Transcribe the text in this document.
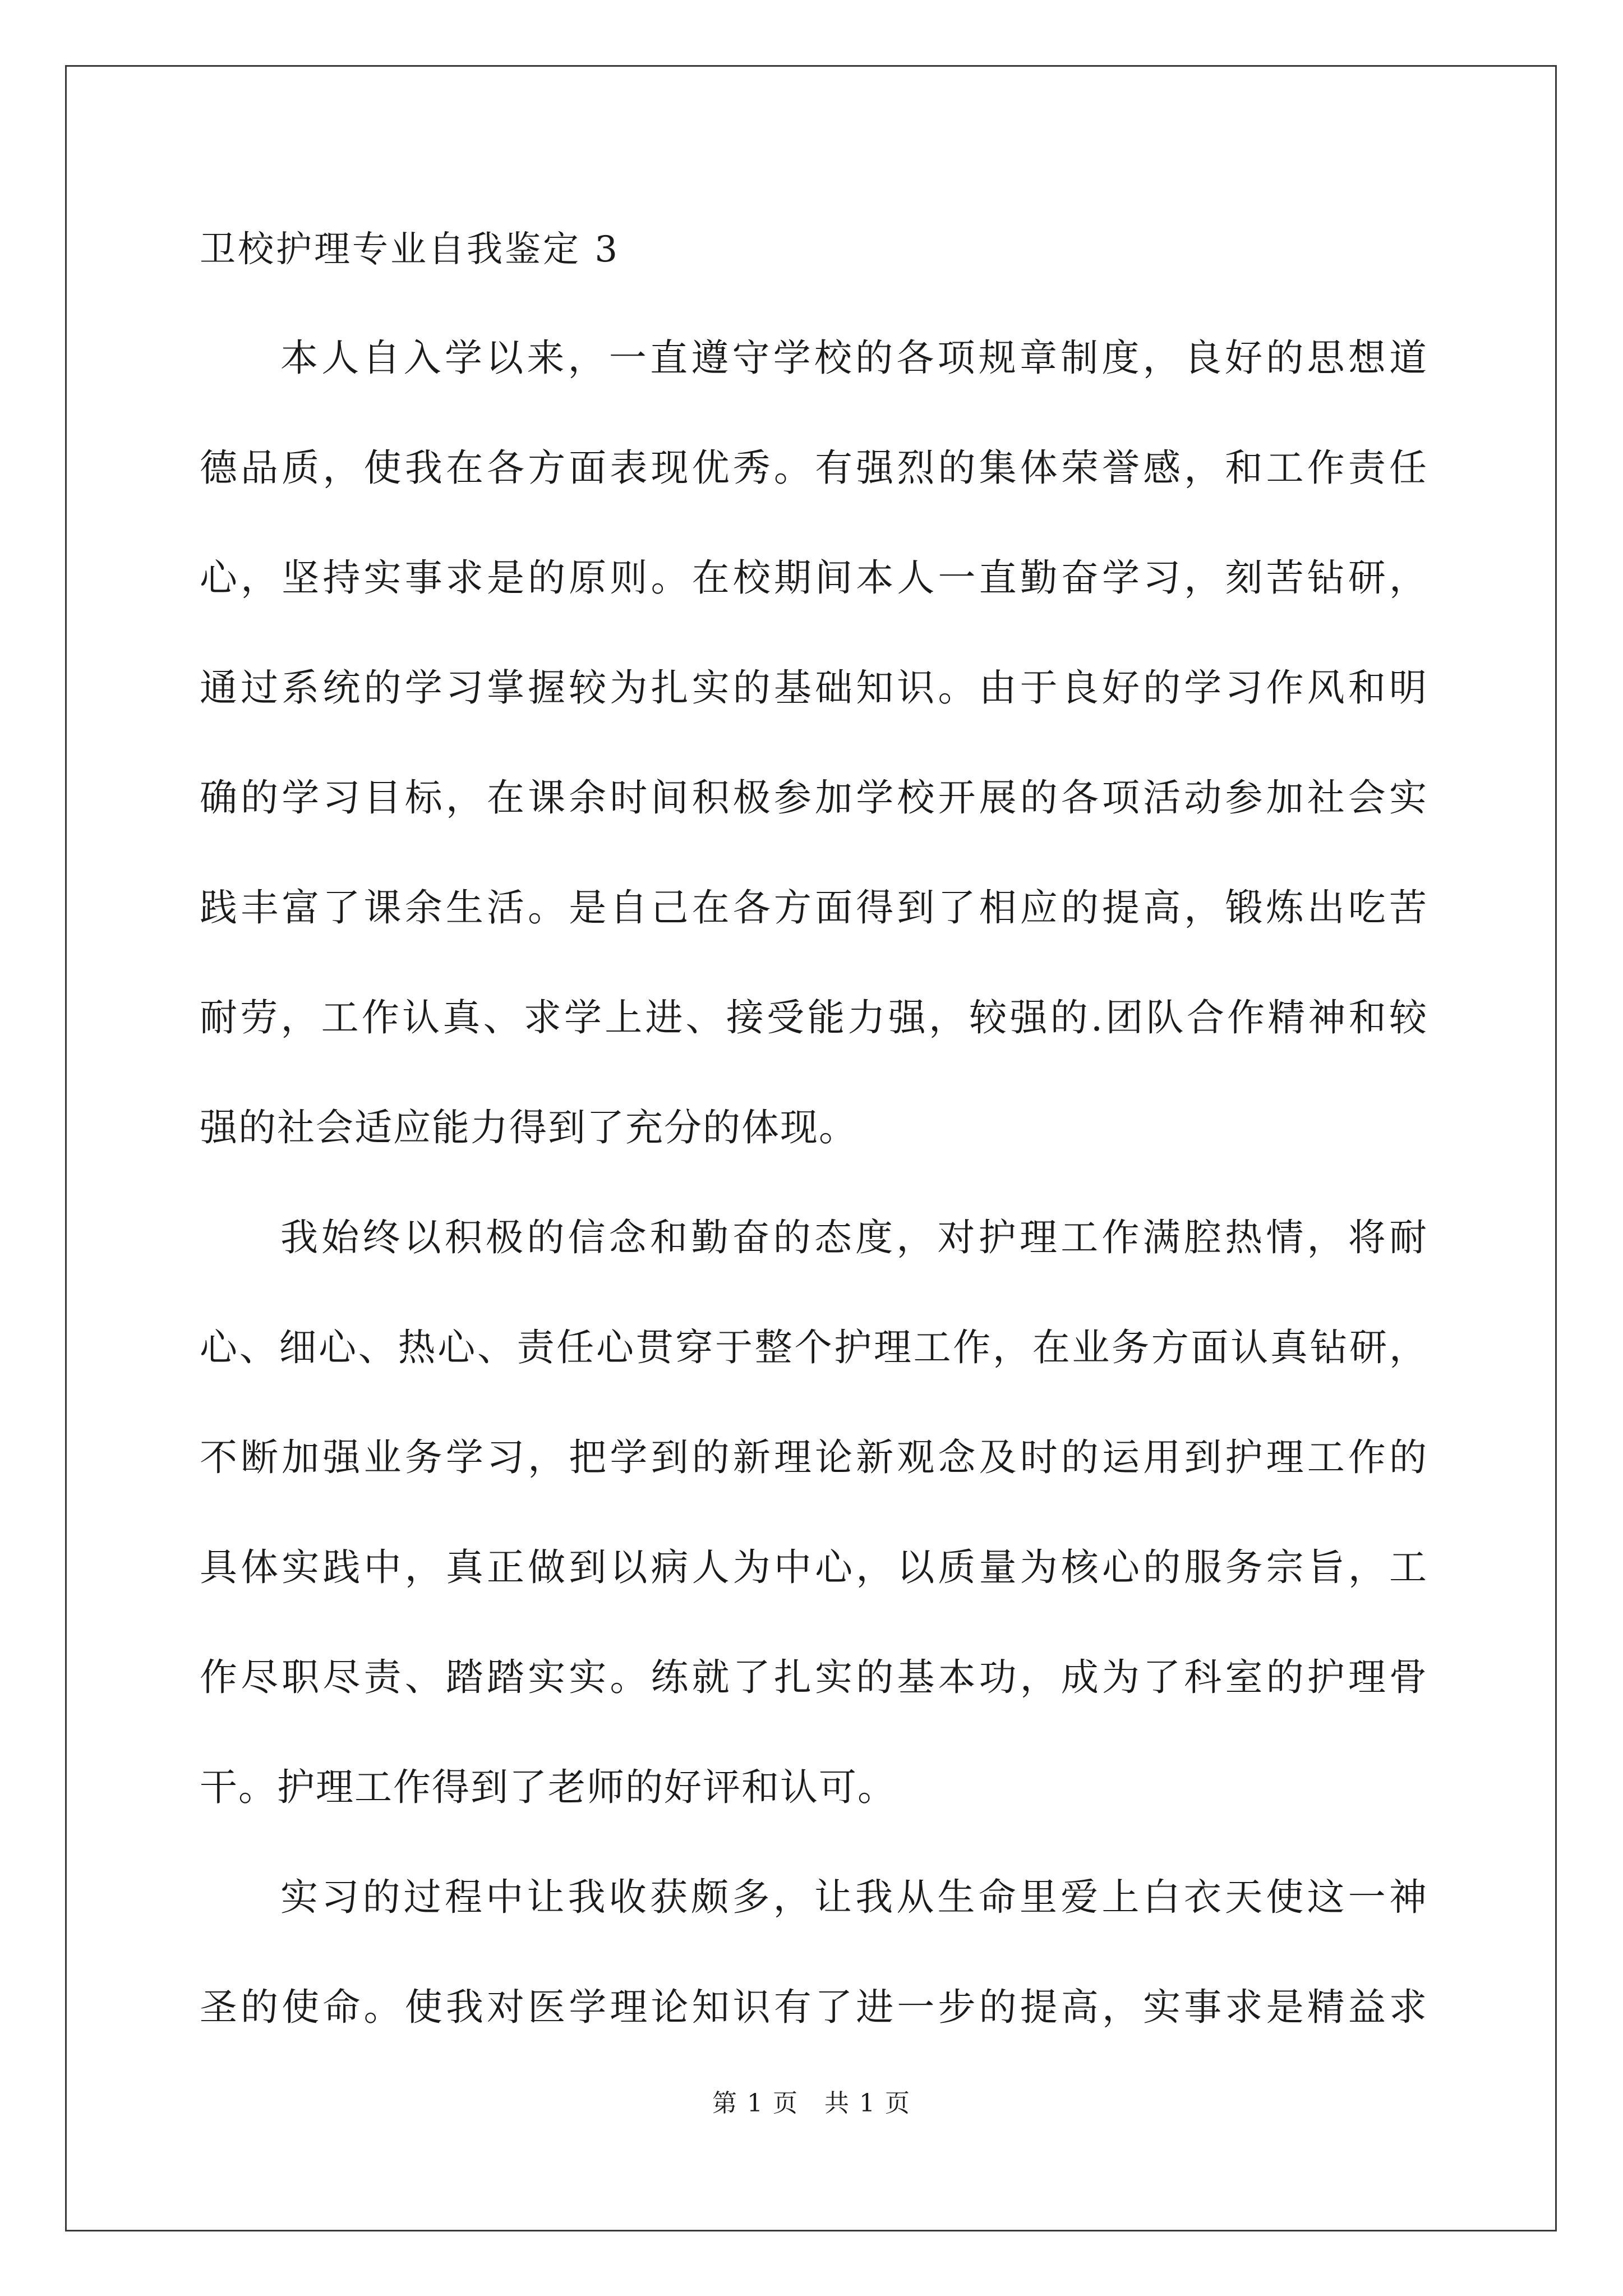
卫校护理专业自我鉴定 3
本人自入学以来，一直遵守学校的各项规章制度，良好的思想道
德品质，使我在各方面表现优秀。有强烈的集体荣誉感，和工作责任
心，坚持实事求是的原则。在校期间本人一直勤奋学习，刻苦钻研，
通过系统的学习掌握较为扎实的基础知识。由于良好的学习作风和明
确的学习目标，在课余时间积极参加学校开展的各项活动参加社会实
践丰富了课余生活。是自己在各方面得到了相应的提高，锻炼出吃苦
耐劳，工作认真、求学上进、接受能力强，较强的.团队合作精神和较
强的社会适应能力得到了充分的体现。
我始终以积极的信念和勤奋的态度，对护理工作满腔热情，将耐
心、细心、热心、责任心贯穿于整个护理工作，在业务方面认真钻研，
不断加强业务学习，把学到的新理论新观念及时的运用到护理工作的
具体实践中，真正做到以病人为中心，以质量为核心的服务宗旨，工
作尽职尽责、踏踏实实。练就了扎实的基本功，成为了科室的护理骨
干。护理工作得到了老师的好评和认可。
实习的过程中让我收获颇多，让我从生命里爱上白衣天使这一神
圣的使命。使我对医学理论知识有了进一步的提高，实事求是精益求
第 1 页　共 1 页
